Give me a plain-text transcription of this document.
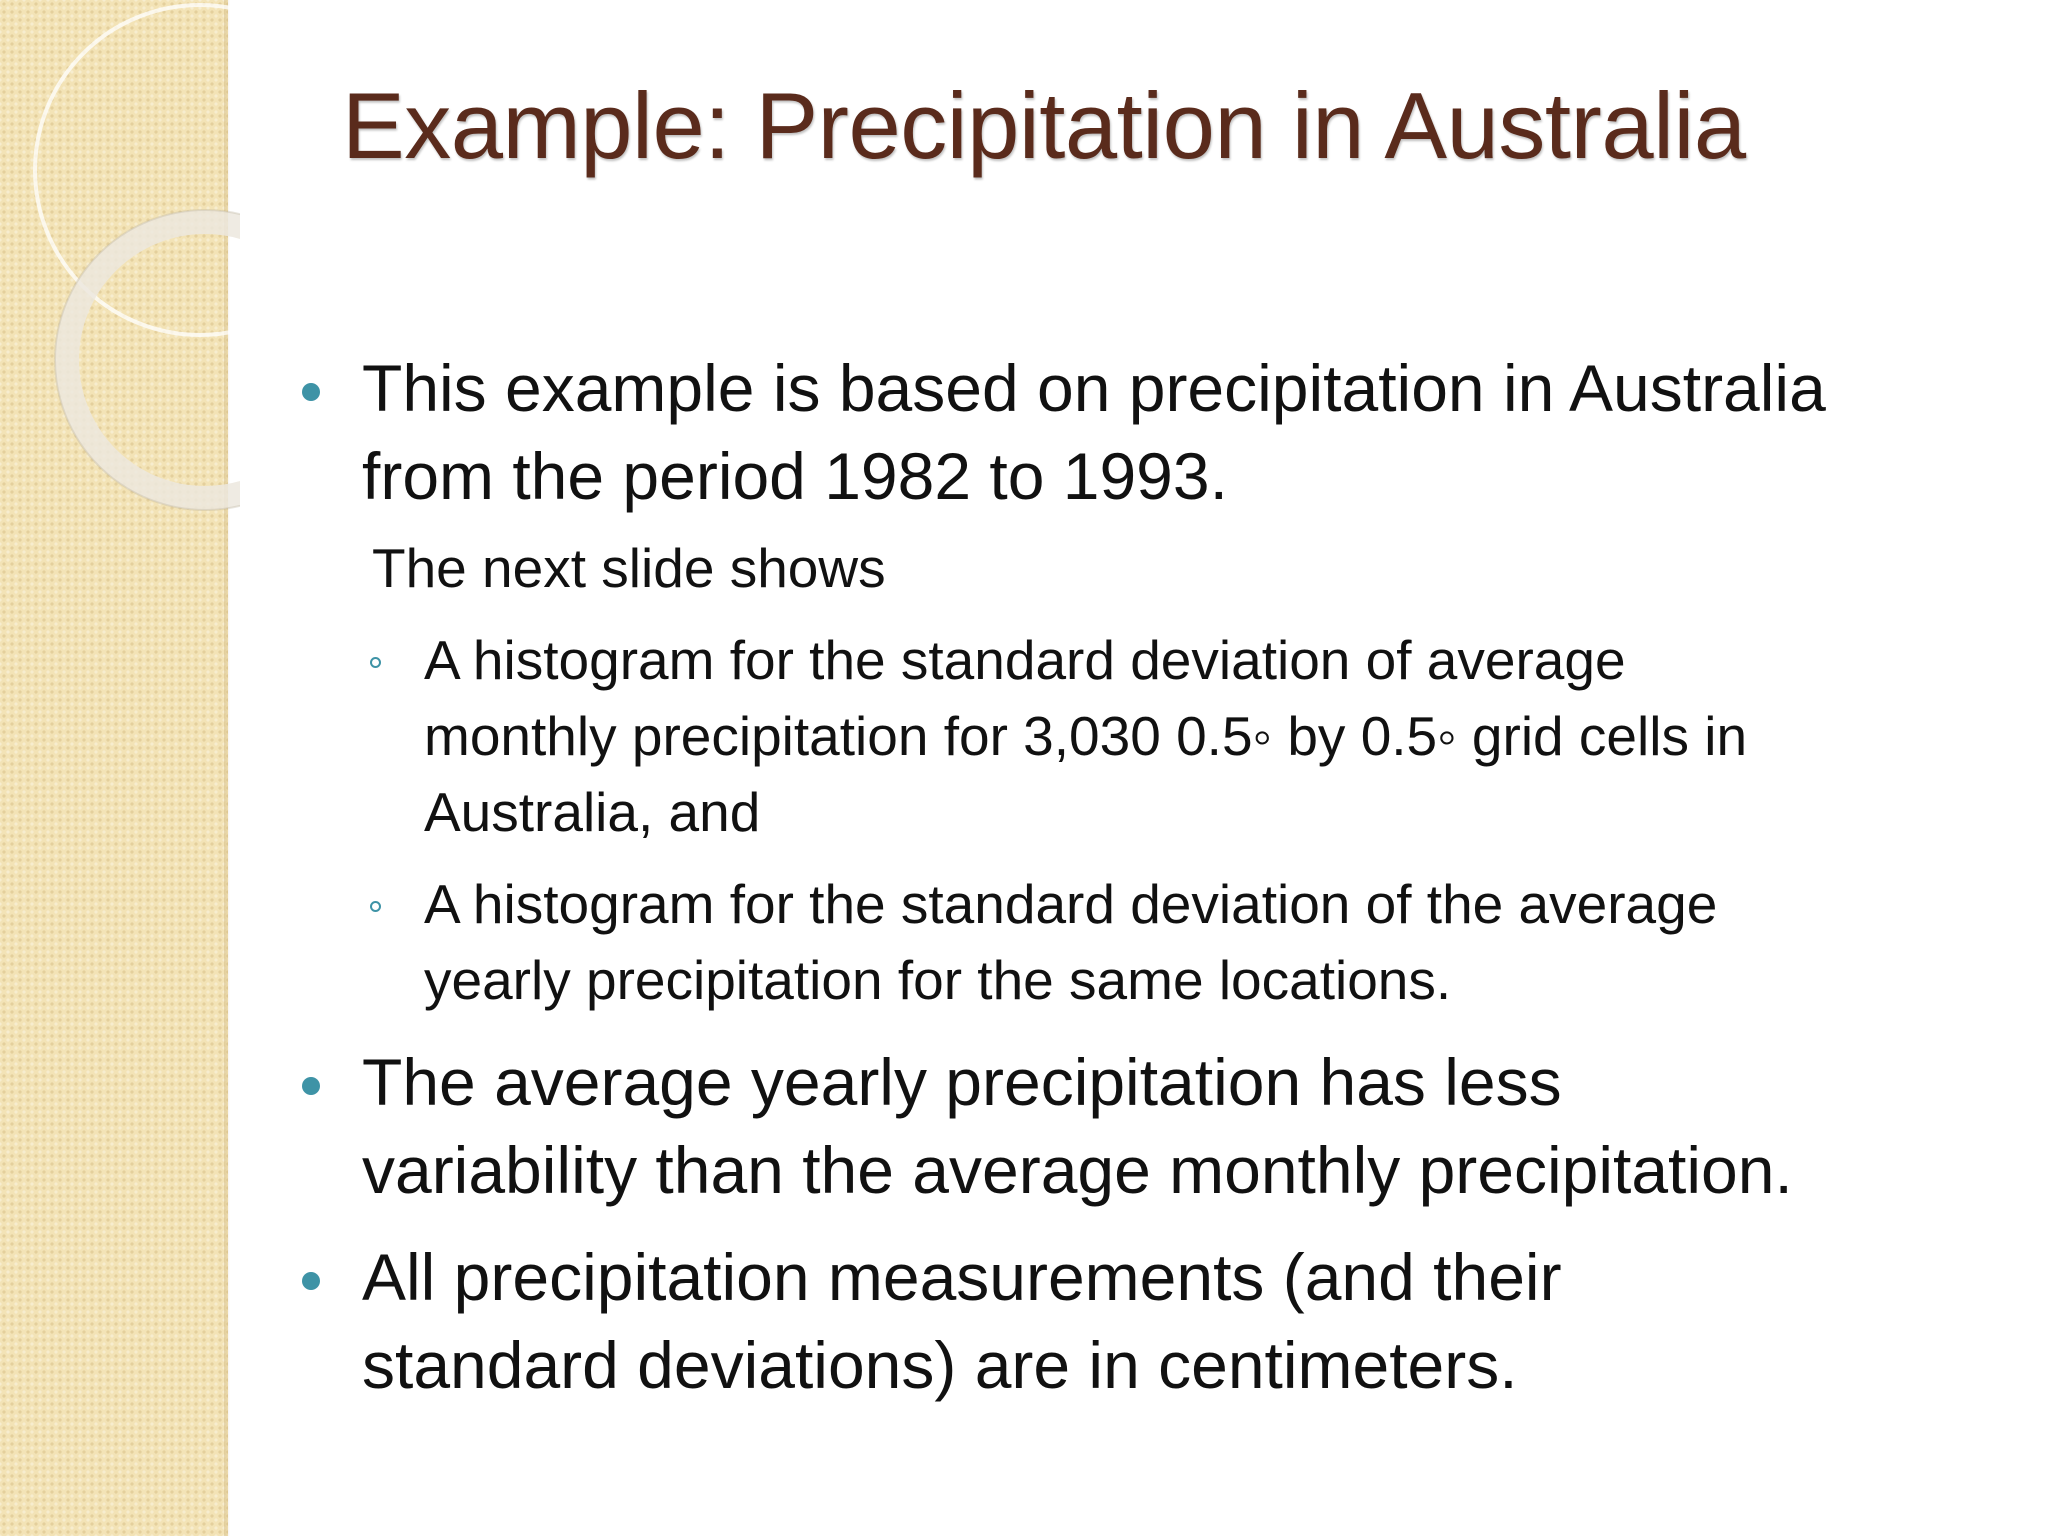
Example: Precipitation in Australia
This example is based on precipitation in Australia
from the period 1982 to 1993.
The next slide shows
A histogram for the standard deviation of average
monthly precipitation for 3,030 0.5◦ by 0.5◦ grid cells in
Australia, and
A histogram for the standard deviation of the average
yearly precipitation for the same locations.
The average yearly precipitation has less
variability than the average monthly precipitation.
All precipitation measurements (and their
standard deviations) are in centimeters.
